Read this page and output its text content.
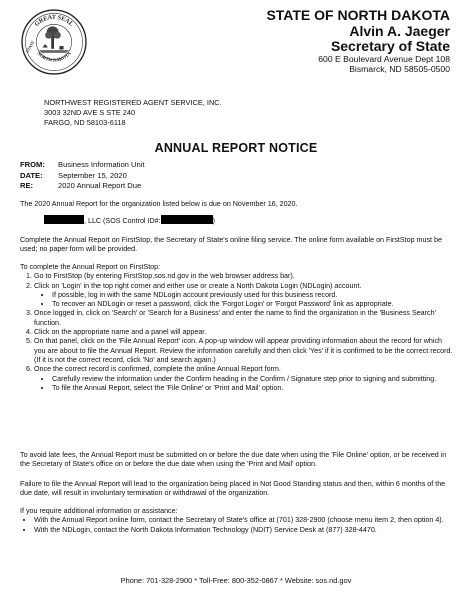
GREAT SEAL
NORTH DAKOTA
STATE
STATE OF NORTH DAKOTA
Alvin A. Jaeger
Secretary of State
600 E Boulevard Avenue Dept 108
Bismarck, ND 58505-0500
NORTHWEST REGISTERED AGENT SERVICE, INC.
3003 32ND AVE S STE 240
FARGO, ND 58103-6118
ANNUAL REPORT NOTICE
FROM:	Business Information Unit
DATE:	September 15, 2020
RE:	2020 Annual Report Due

The 2020 Annual Report for the organization listed below is due on November 16, 2020.

, LLC (SOS Control ID#:	)

Complete the Annual Report on FirstStop, the Secretary of State's online filing service. The online form available on FirstStop must be used; no paper form will be provided.

To complete the Annual Report on FirstStop:

1. Go to FirstStop (by entering FirstStop.sos.nd.gov in the web browser address bar).
2. Click on 'Login' in the top right corner and either use or create a North Dakota Login (NDLogin) account.
• If possible, log in with the same NDLogin account previously used for this business record.
• To recover an NDLogin or reset a password, click the 'Forgot Login' or 'Forgot Password' link as appropriate.
3. Once logged in, click on 'Search' or 'Search for a Business' and enter the name to find the organization in the 'Business Search' function.
4. Click on the appropriate name and a panel will appear.
5. On that panel, click on the 'File Annual Report' icon. A pop-up window will appear providing information about the record for which you are about to file the Annual Report. Review the information carefully and then click 'Yes' if it is confirmed to be the correct record. (If it is not the correct record, click 'No' and search again.)
6. Once the correct record is confirmed, complete the online Annual Report form.
• Carefully review the information under the Confirm heading in the Confirm / Signature step prior to signing and submitting.
• To file the Annual Report, select the 'File Online' or 'Print and Mail' option.

To avoid late fees, the Annual Report must be submitted on or before the due date when using the 'File Online' option, or be received in the Secretary of State's office on or before the due date when using the 'Print and Mail' option.

Failure to file the Annual Report will lead to the organization being placed in Not Good Standing status and then, within 6 months of the due date, will result in involuntary termination or withdrawal of the organization.

If you require additional information or assistance:

• With the Annual Report online form, contact the Secretary of State's office at (701) 328-2900 (choose menu item 2, then option 4).
• With the NDLogin, contact the North Dakota Information Technology (NDIT) Service Desk at (877) 328-4470.
Phone: 701-328-2900 * Toll-Free: 800-352-0867 * Website: sos.nd.gov
